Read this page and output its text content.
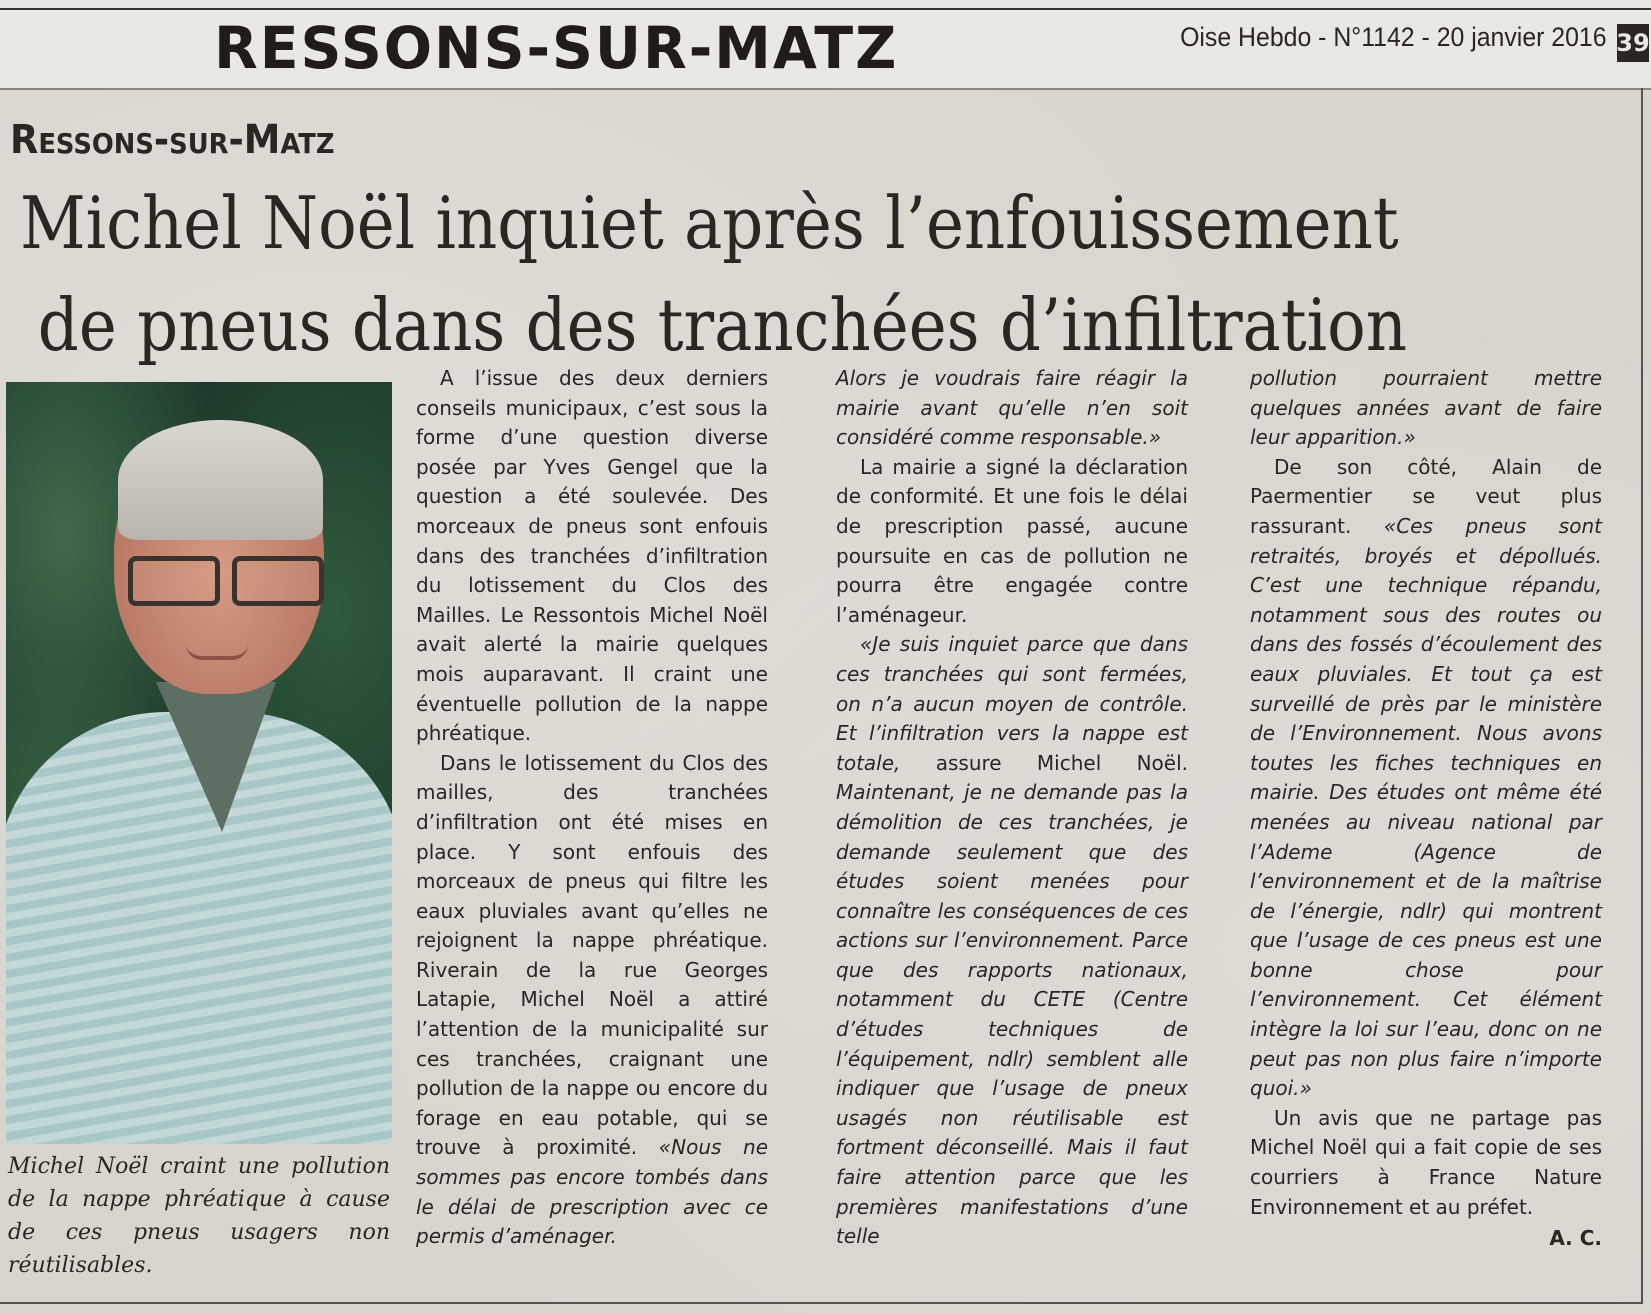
RESSONS-SUR-MATZ	Oise Hebdo - N°1142 - 20 janvier 2016 39
Ressons-sur-Matz
Michel Noël inquiet après l’enfouissement
de pneus dans des tranchées d’infiltration
Michel Noël craint une pollution de la nappe phréatique à cause de ces pneus usagers non réutilisables.

A l’issue des deux derniers conseils municipaux, c’est sous la forme d’une question diverse posée par Yves Gengel que la question a été soulevée. Des morceaux de pneus sont enfouis dans des tranchées d’infiltration du lotissement du Clos des Mailles. Le Ressontois Michel Noël avait alerté la mairie quelques mois auparavant. Il craint une éventuelle pollution de la nappe phréatique.

Dans le lotissement du Clos des mailles, des tranchées d’infiltration ont été mises en place. Y sont enfouis des morceaux de pneus qui filtre les eaux pluviales avant qu’elles ne rejoignent la nappe phréatique. Riverain de la rue Georges Latapie, Michel Noël a attiré l’attention de la municipalité sur ces tranchées, craignant une pollution de la nappe ou encore du forage en eau potable, qui se trouve à proximité. «Nous ne sommes pas encore tombés dans le délai de prescription avec ce permis d’aménager.

Alors je voudrais faire réagir la mairie avant qu’elle n’en soit considéré comme responsable.»

La mairie a signé la déclaration de conformité. Et une fois le délai de prescription passé, aucune poursuite en cas de pollution ne pourra être engagée contre l’aménageur.

«Je suis inquiet parce que dans ces tranchées qui sont fermées, on n’a aucun moyen de contrôle. Et l’infiltration vers la nappe est totale, assure Michel Noël. Maintenant, je ne demande pas la démolition de ces tranchées, je demande seulement que des études soient menées pour connaître les conséquences de ces actions sur l’environnement. Parce que des rapports nationaux, notamment du CETE (Centre d’études techniques de l’équipement, ndlr) semblent alle indiquer que l’usage de pneux usagés non réutilisable est fortment déconseillé. Mais il faut faire attention parce que les premières manifestations d’une telle

pollution pourraient mettre quelques années avant de faire leur apparition.»

De son côté, Alain de Paermentier se veut plus rassurant. «Ces pneus sont retraités, broyés et dépollués. C’est une technique répandu, notamment sous des routes ou dans des fossés d’écoulement des eaux pluviales. Et tout ça est surveillé de près par le ministère de l’Environnement. Nous avons toutes les fiches techniques en mairie. Des études ont même été menées au niveau national par l’Ademe (Agence de l’environnement et de la maîtrise de l’énergie, ndlr) qui montrent que l’usage de ces pneus est une bonne chose pour l’environnement. Cet élément intègre la loi sur l’eau, donc on ne peut pas non plus faire n’importe quoi.»

Un avis que ne partage pas Michel Noël qui a fait copie de ses courriers à France Nature Environnement et au préfet.

A. C.
